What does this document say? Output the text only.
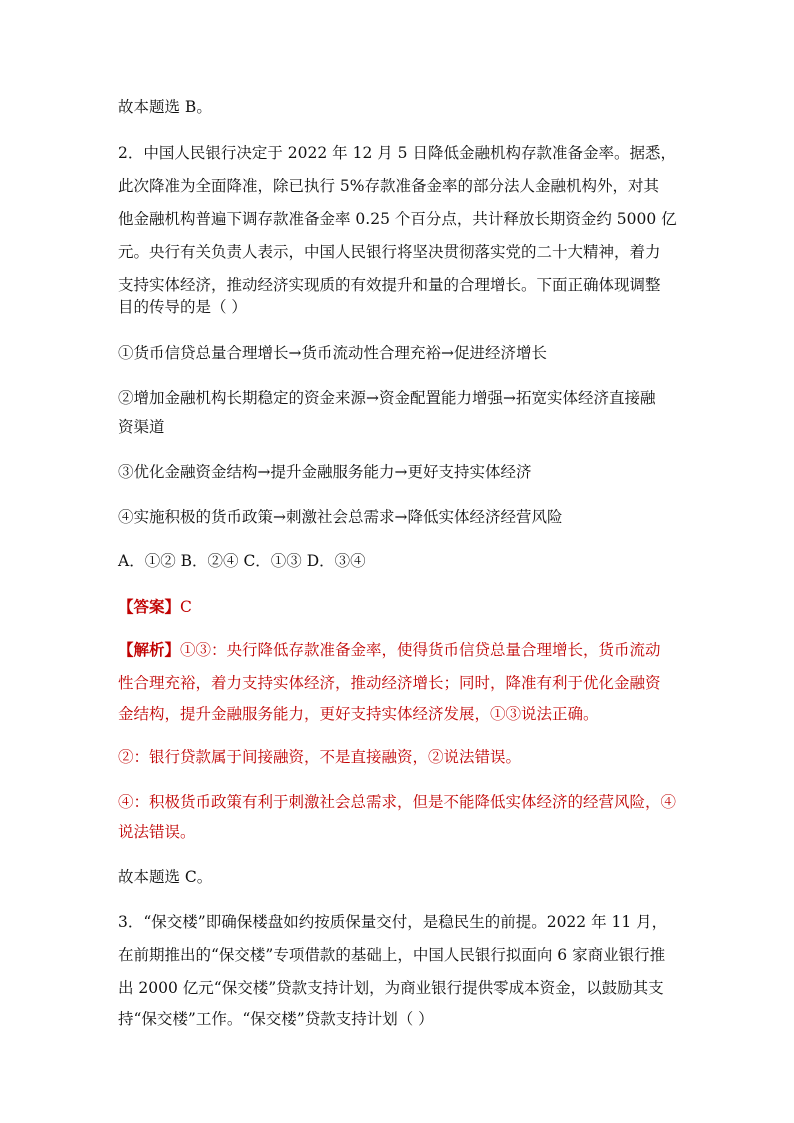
故本题选 B。
2．中国人民银行决定于 2022 年 12 月 5 日降低金融机构存款准备金率。据悉，
此次降准为全面降准，除已执行 5%存款准备金率的部分法人金融机构外，对其
他金融机构普遍下调存款准备金率 0.25 个百分点，共计释放长期资金约 5000 亿
元。央行有关负责人表示，中国人民银行将坚决贯彻落实党的二十大精神，着力
支持实体经济，推动经济实现质的有效提升和量的合理增长。下面正确体现调整
目的传导的是（ ）
①货币信贷总量合理增长→货币流动性合理充裕→促进经济增长
②增加金融机构长期稳定的资金来源→资金配置能力增强→拓宽实体经济直接融
资渠道
③优化金融资金结构→提升金融服务能力→更好支持实体经济
④实施积极的货币政策→刺激社会总需求→降低实体经济经营风险
A．①② B．②④ C．①③ D．③④
【答案】C
【解析】①③：央行降低存款准备金率，使得货币信贷总量合理增长，货币流动
性合理充裕，着力支持实体经济，推动经济增长；同时，降准有利于优化金融资
金结构，提升金融服务能力，更好支持实体经济发展，①③说法正确。
②：银行贷款属于间接融资，不是直接融资，②说法错误。
④：积极货币政策有利于刺激社会总需求，但是不能降低实体经济的经营风险，④
说法错误。
故本题选 C。
3．“保交楼”即确保楼盘如约按质保量交付，是稳民生的前提。2022 年 11 月，
在前期推出的“保交楼”专项借款的基础上，中国人民银行拟面向 6 家商业银行推
出 2000 亿元“保交楼”贷款支持计划，为商业银行提供零成本资金，以鼓励其支
持“保交楼”工作。“保交楼”贷款支持计划（ ）
